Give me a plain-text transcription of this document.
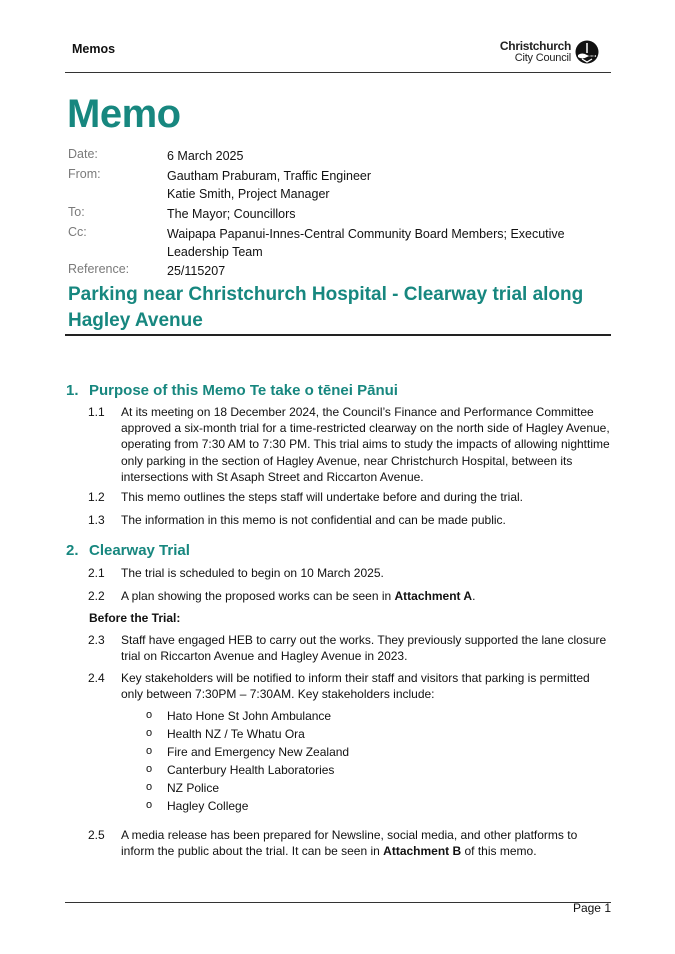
Memos	Christchurch
City Council
Memo
Date:	6 March 2025
From:	Gautham Praburam, Traffic Engineer
Katie Smith, Project Manager
To:	The Mayor; Councillors
Cc:	Waipapa Papanui-Innes-Central Community Board Members; Executive
Leadership Team
Reference:	25/115207
Parking near Christchurch Hospital - Clearway trial along Hagley Avenue
1. Purpose of this Memo Te take o tēnei Pānui
1.1 At its meeting on 18 December 2024, the Council’s Finance and Performance Committee approved a six-month trial for a time-restricted clearway on the north side of Hagley Avenue, operating from 7:30 AM to 7:30 PM. This trial aims to study the impacts of allowing nighttime only parking in the section of Hagley Avenue, near Christchurch Hospital, between its intersections with St Asaph Street and Riccarton Avenue.
1.2 This memo outlines the steps staff will undertake before and during the trial.
1.3 The information in this memo is not confidential and can be made public.
2. Clearway Trial
2.1 The trial is scheduled to begin on 10 March 2025.
2.2 A plan showing the proposed works can be seen in Attachment A.
Before the Trial:
2.3 Staff have engaged HEB to carry out the works. They previously supported the lane closure trial on Riccarton Avenue and Hagley Avenue in 2023.
2.4 Key stakeholders will be notified to inform their staff and visitors that parking is permitted only between 7:30PM – 7:30AM. Key stakeholders include:
o Hato Hone St John Ambulance
o Health NZ / Te Whatu Ora
o Fire and Emergency New Zealand
o Canterbury Health Laboratories
o NZ Police
o Hagley College
2.5 A media release has been prepared for Newsline, social media, and other platforms to inform the public about the trial. It can be seen in Attachment B of this memo.
Page 1
